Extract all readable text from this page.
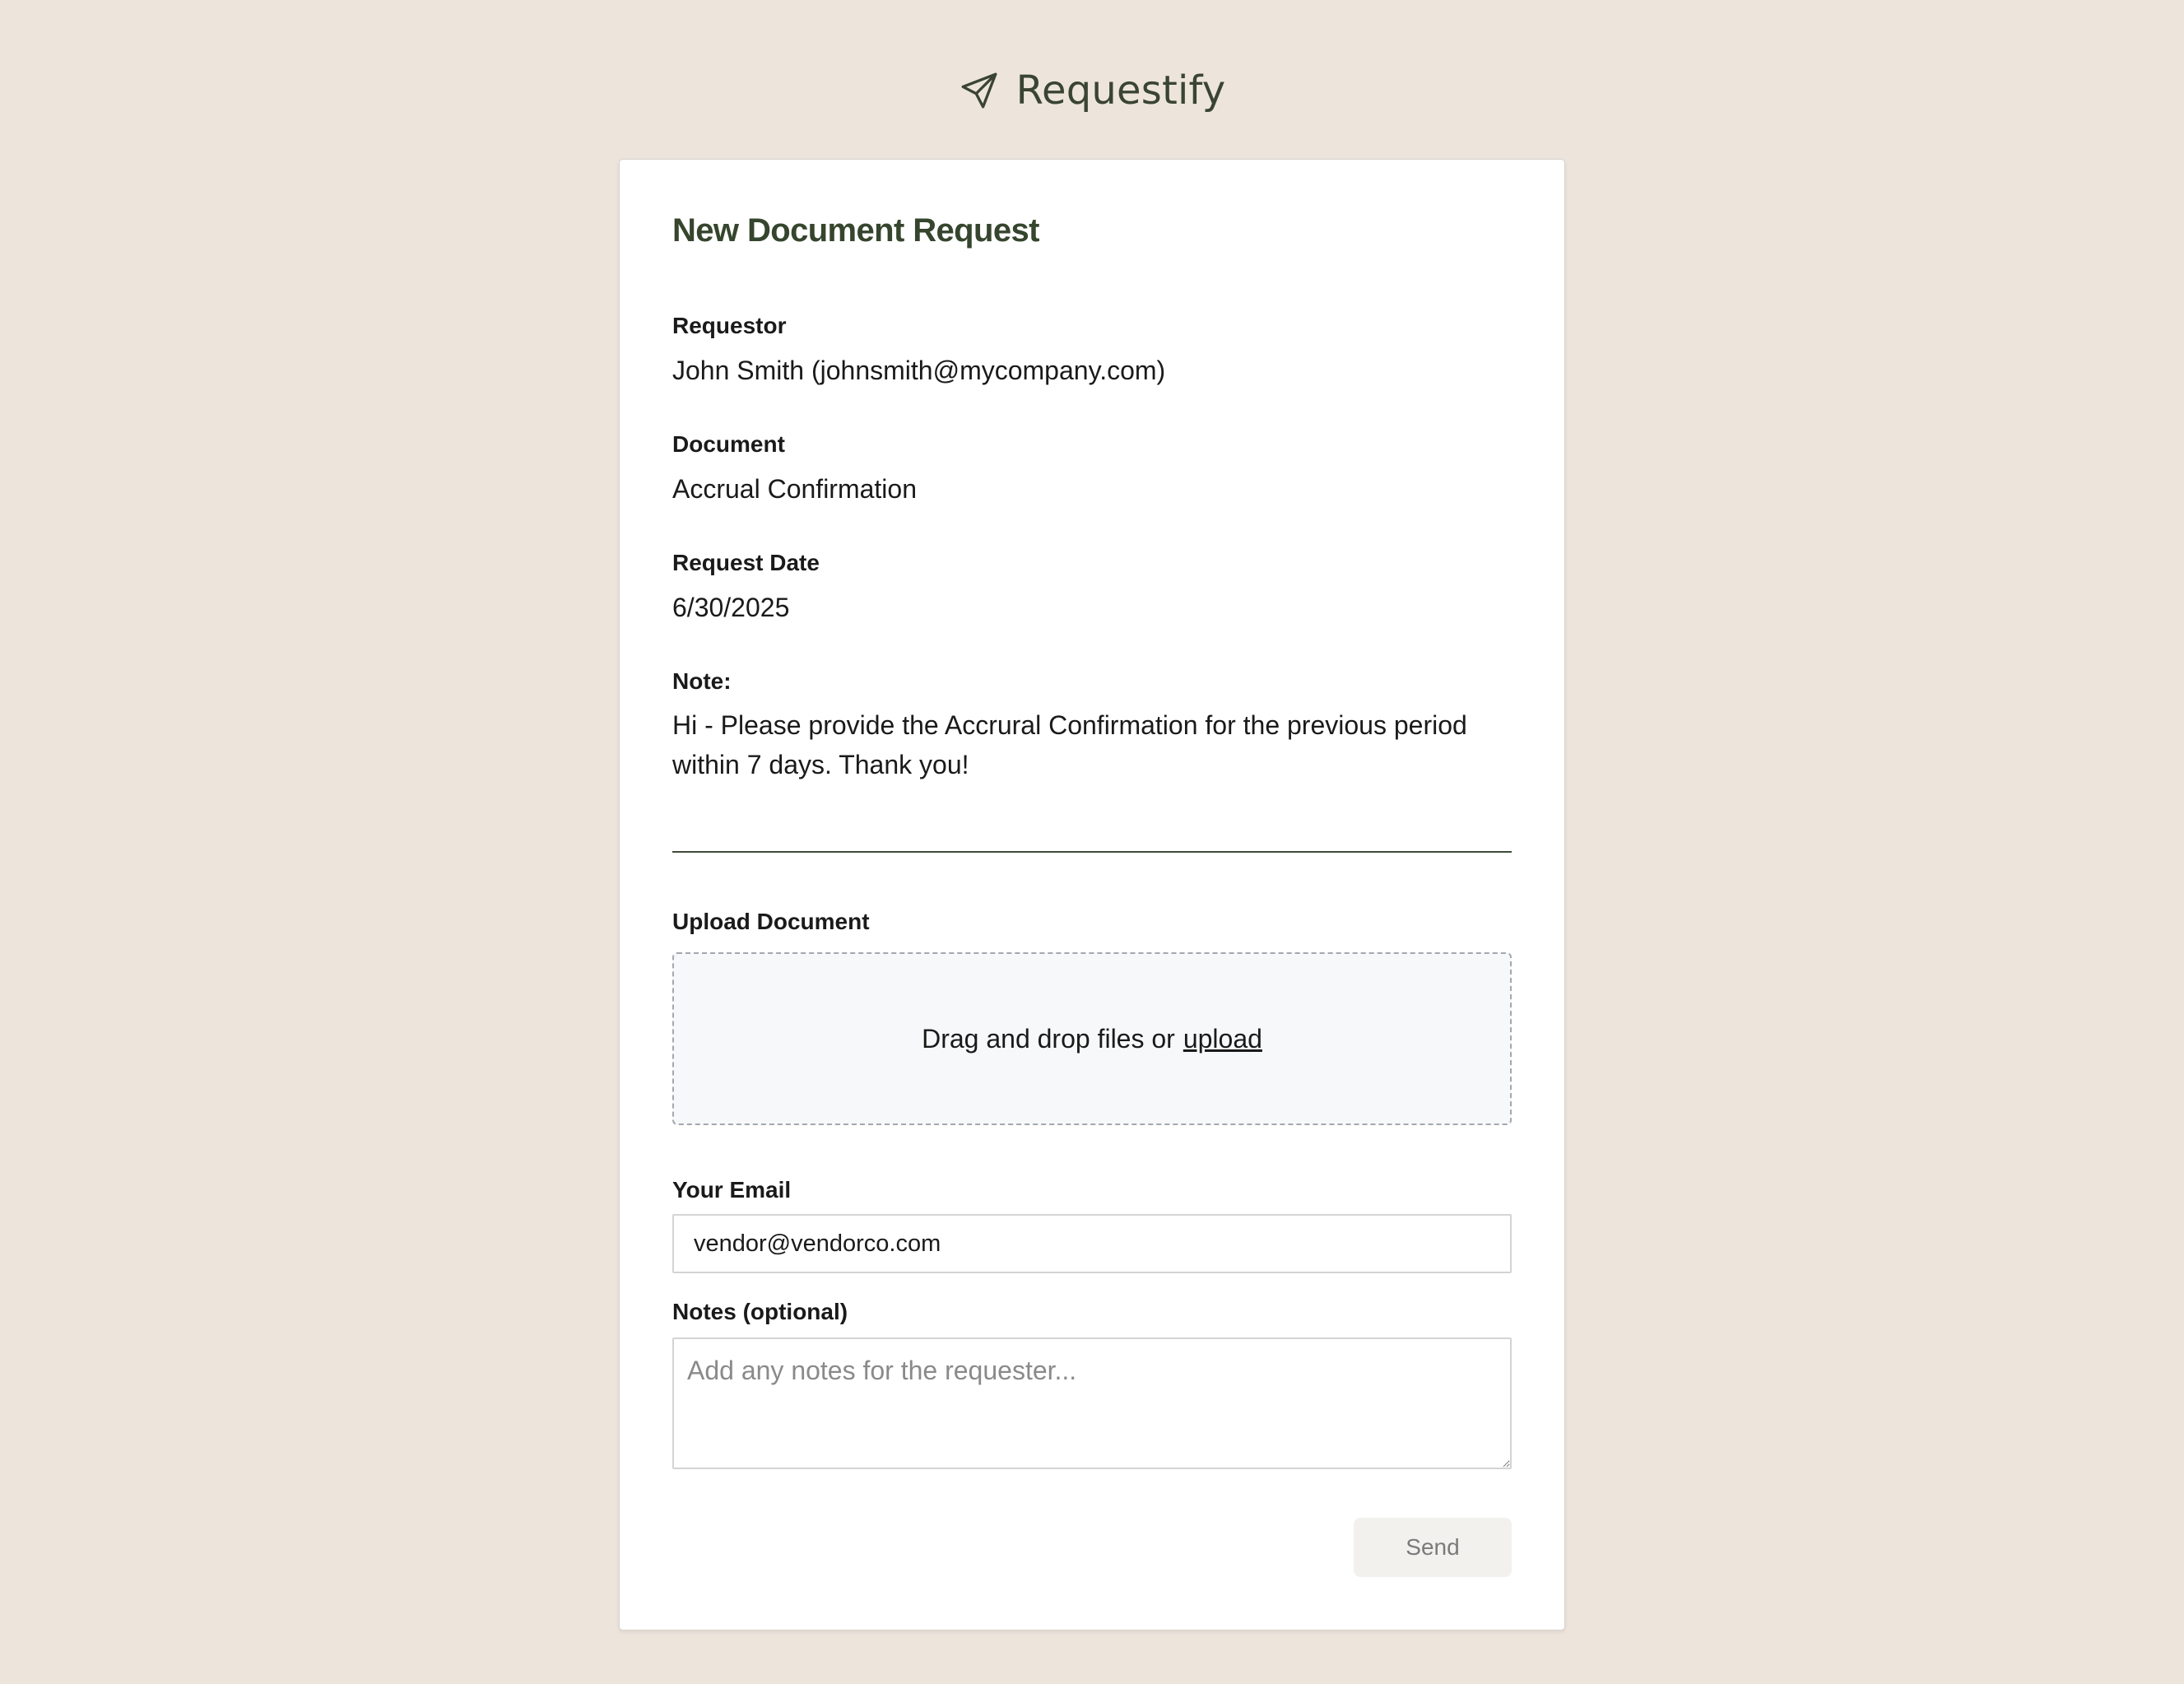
Requestify
New Document Request
Requestor
John Smith (johnsmith@mycompany.com)
Document
Accrual Confirmation
Request Date
6/30/2025
Note:
Hi - Please provide the Accrural Confirmation for the previous period within 7 days. Thank you!
Upload Document
Drag and drop files or upload
Your Email
vendor@vendorco.com
Notes (optional)
Add any notes for the requester...
Send
